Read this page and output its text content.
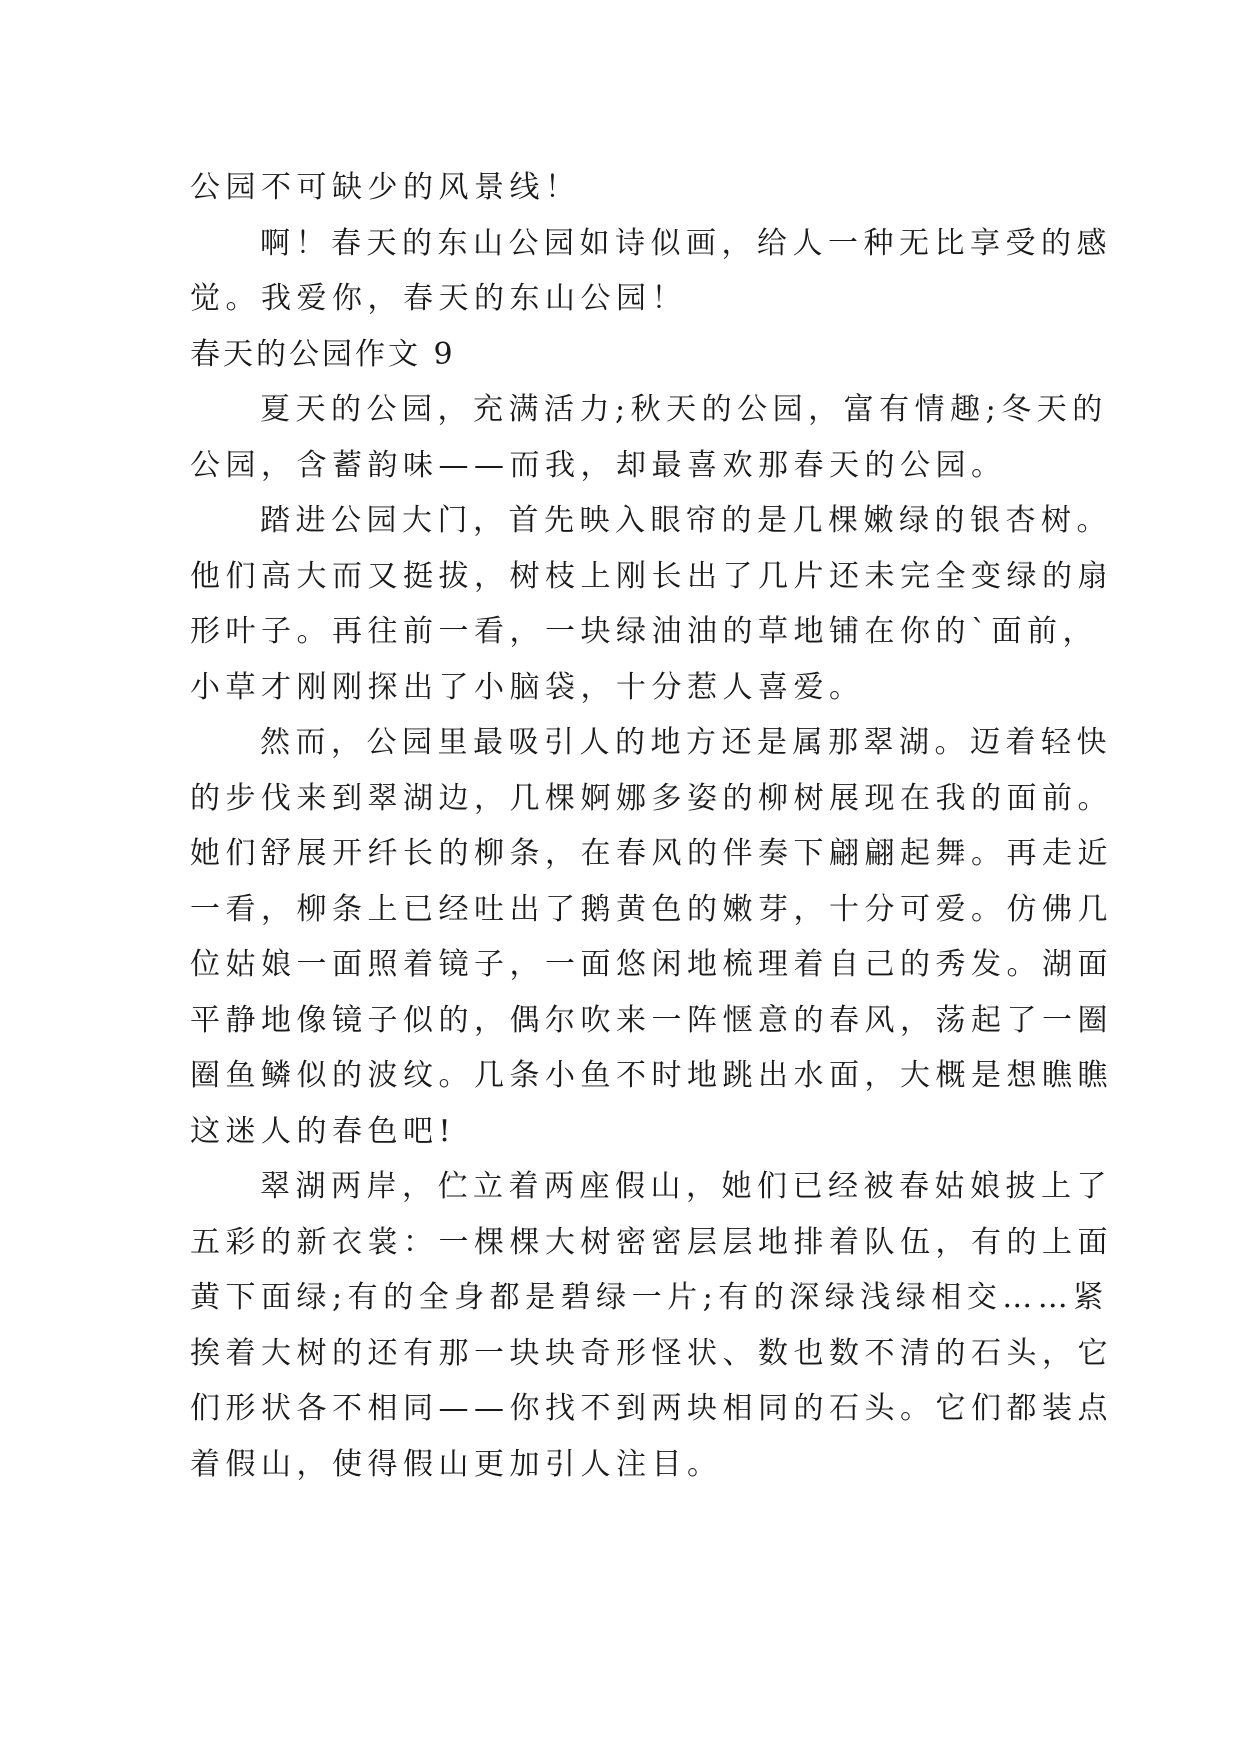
公园不可缺少的风景线！
啊！春天的东山公园如诗似画，给人一种无比享受的感
觉。我爱你，春天的东山公园！
春天的公园作文 9
夏天的公园，充满活力;秋天的公园，富有情趣;冬天的
公园，含蓄韵味——而我，却最喜欢那春天的公园。
踏进公园大门，首先映入眼帘的是几棵嫩绿的银杏树。
他们高大而又挺拔，树枝上刚长出了几片还未完全变绿的扇
形叶子。再往前一看，一块绿油油的草地铺在你的`面前，
小草才刚刚探出了小脑袋，十分惹人喜爱。
然而，公园里最吸引人的地方还是属那翠湖。迈着轻快
的步伐来到翠湖边，几棵婀娜多姿的柳树展现在我的面前。
她们舒展开纤长的柳条，在春风的伴奏下翩翩起舞。再走近
一看，柳条上已经吐出了鹅黄色的嫩芽，十分可爱。仿佛几
位姑娘一面照着镜子，一面悠闲地梳理着自己的秀发。湖面
平静地像镜子似的，偶尔吹来一阵惬意的春风，荡起了一圈
圈鱼鳞似的波纹。几条小鱼不时地跳出水面，大概是想瞧瞧
这迷人的春色吧!
翠湖两岸，伫立着两座假山，她们已经被春姑娘披上了
五彩的新衣裳：一棵棵大树密密层层地排着队伍，有的上面
黄下面绿;有的全身都是碧绿一片;有的深绿浅绿相交……紧
挨着大树的还有那一块块奇形怪状、数也数不清的石头，它
们形状各不相同——你找不到两块相同的石头。它们都装点
着假山，使得假山更加引人注目。
